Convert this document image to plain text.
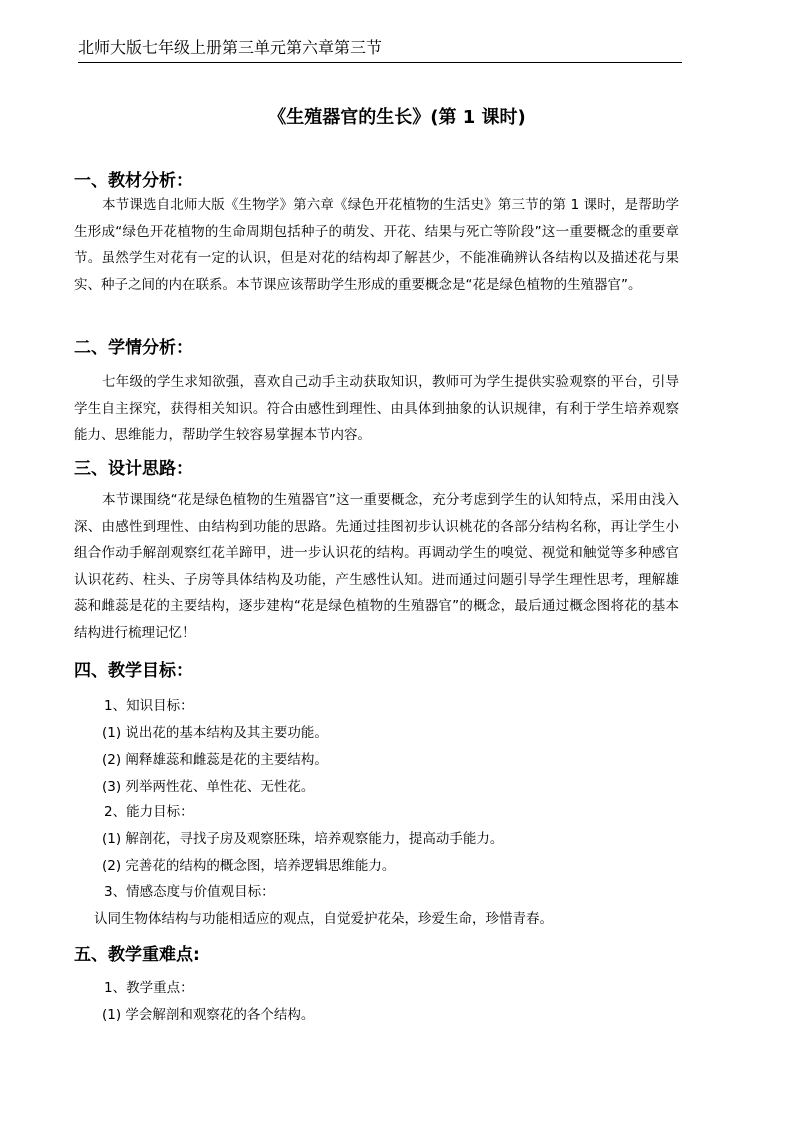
北师大版七年级上册第三单元第六章第三节
《生殖器官的生长》(第 1 课时)
一、教材分析：

本节课选自北师大版《生物学》第六章《绿色开花植物的生活史》第三节的第 1 课时，是帮助学生形成“绿色开花植物的生命周期包括种子的萌发、开花、结果与死亡等阶段”这一重要概念的重要章节。虽然学生对花有一定的认识，但是对花的结构却了解甚少，不能准确辨认各结构以及描述花与果实、种子之间的内在联系。本节课应该帮助学生形成的重要概念是“花是绿色植物的生殖器官”。

二、学情分析：

七年级的学生求知欲强，喜欢自己动手主动获取知识，教师可为学生提供实验观察的平台，引导学生自主探究，获得相关知识。符合由感性到理性、由具体到抽象的认识规律，有利于学生培养观察能力、思维能力，帮助学生较容易掌握本节内容。

三、设计思路：

本节课围绕“花是绿色植物的生殖器官”这一重要概念，充分考虑到学生的认知特点，采用由浅入深、由感性到理性、由结构到功能的思路。先通过挂图初步认识桃花的各部分结构名称，再让学生小组合作动手解剖观察红花羊蹄甲，进一步认识花的结构。再调动学生的嗅觉、视觉和触觉等多种感官认识花药、柱头、子房等具体结构及功能，产生感性认知。进而通过问题引导学生理性思考，理解雄蕊和雌蕊是花的主要结构，逐步建构“花是绿色植物的生殖器官”的概念，最后通过概念图将花的基本结构进行梳理记忆！

四、教学目标：
1、知识目标：
(1) 说出花的基本结构及其主要功能。
(2) 阐释雄蕊和雌蕊是花的主要结构。
(3) 列举两性花、单性花、无性花。
2、能力目标：
(1) 解剖花，寻找子房及观察胚珠，培养观察能力，提高动手能力。
(2) 完善花的结构的概念图，培养逻辑思维能力。
3、情感态度与价值观目标：
认同生物体结构与功能相适应的观点，自觉爱护花朵，珍爱生命，珍惜青春。
五、教学重难点:
1、教学重点：
(1) 学会解剖和观察花的各个结构。
